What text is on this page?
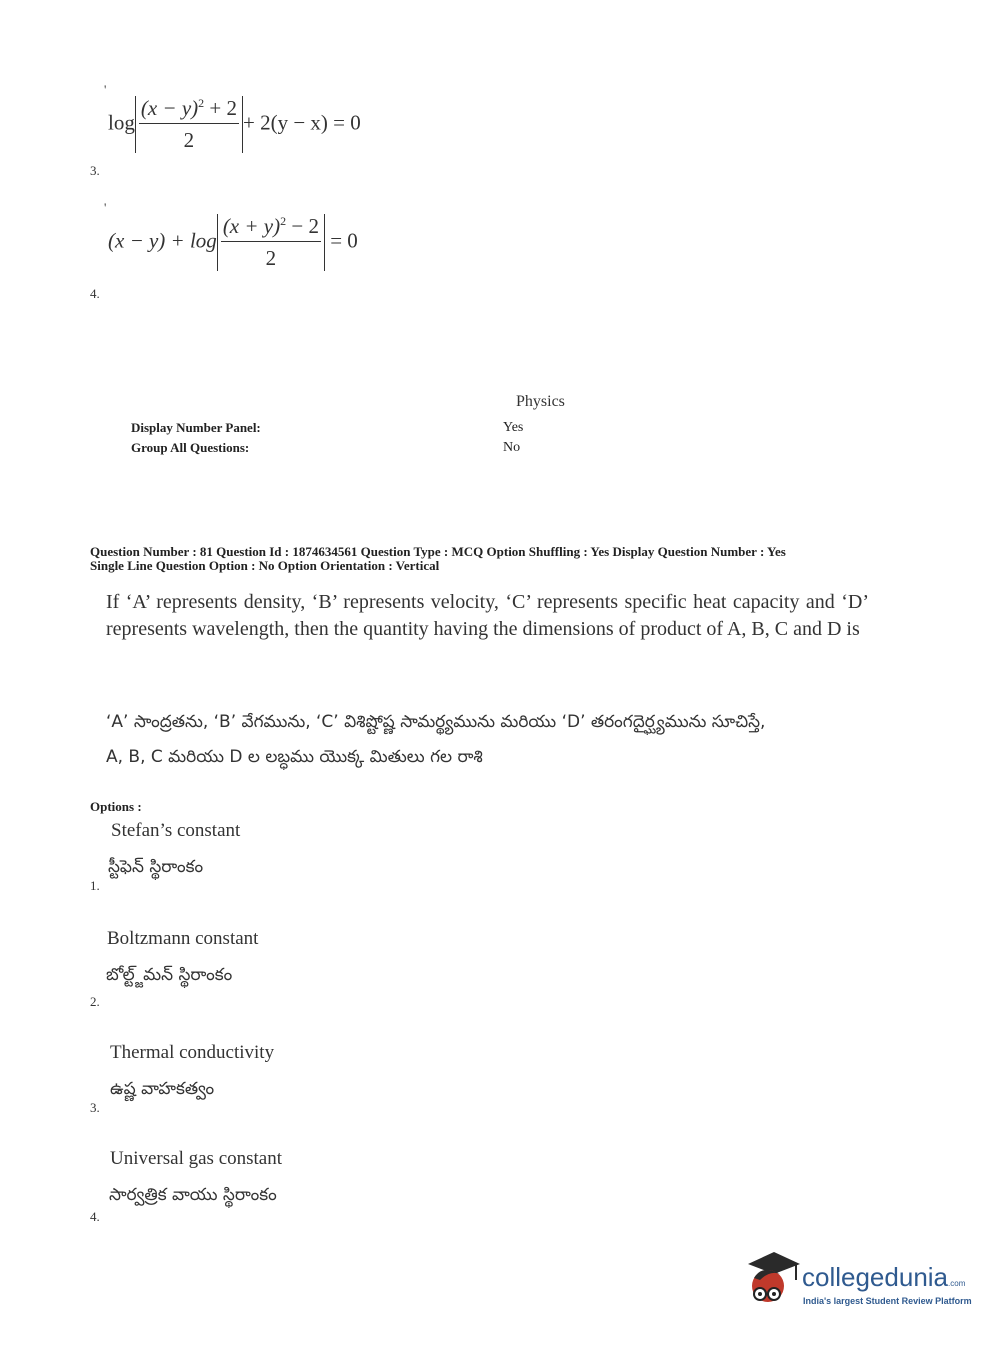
'
$\log \frac{(x - y)^2 + 2}{2} + 2(y - x) = 0$
3.
'
$(x - y) + \log \frac{(x + y)^2 - 2}{2} = 0$
4.
Physics
Display Number Panel:	Yes
Group All Questions:	No
Question Number : 81 Question Id : 1874634561 Question Type : MCQ Option Shuffling : Yes Display Question Number : Yes
Single Line Question Option : No Option Orientation : Vertical
If ‘A’ represents density, ‘B’ represents velocity, ‘C’ represents specific heat capacity and ‘D’ represents wavelength, then the quantity having the dimensions of product of A, B, C and D is
‘A’ సాంద్రతను, ‘B’ వేగమును, ‘C’ విశిష్టోష్ణ సామర్థ్యమును మరియు ‘D’ తరంగదైర్ఘ్యమును సూచిస్తే,
A, B, C మరియు D ల లబ్ధము యొక్క మితులు గల రాశి
Options :
Stefan’s constant
స్టీఫెన్ స్థిరాంకం
1.
Boltzmann constant
బోల్ట్జ్‌మన్ స్థిరాంకం
2.
Thermal conductivity
ఉష్ణ వాహకత్వం
3.
Universal gas constant
సార్వత్రిక వాయు స్థిరాంకం
4.
collegedunia.com
India's largest Student Review Platform
